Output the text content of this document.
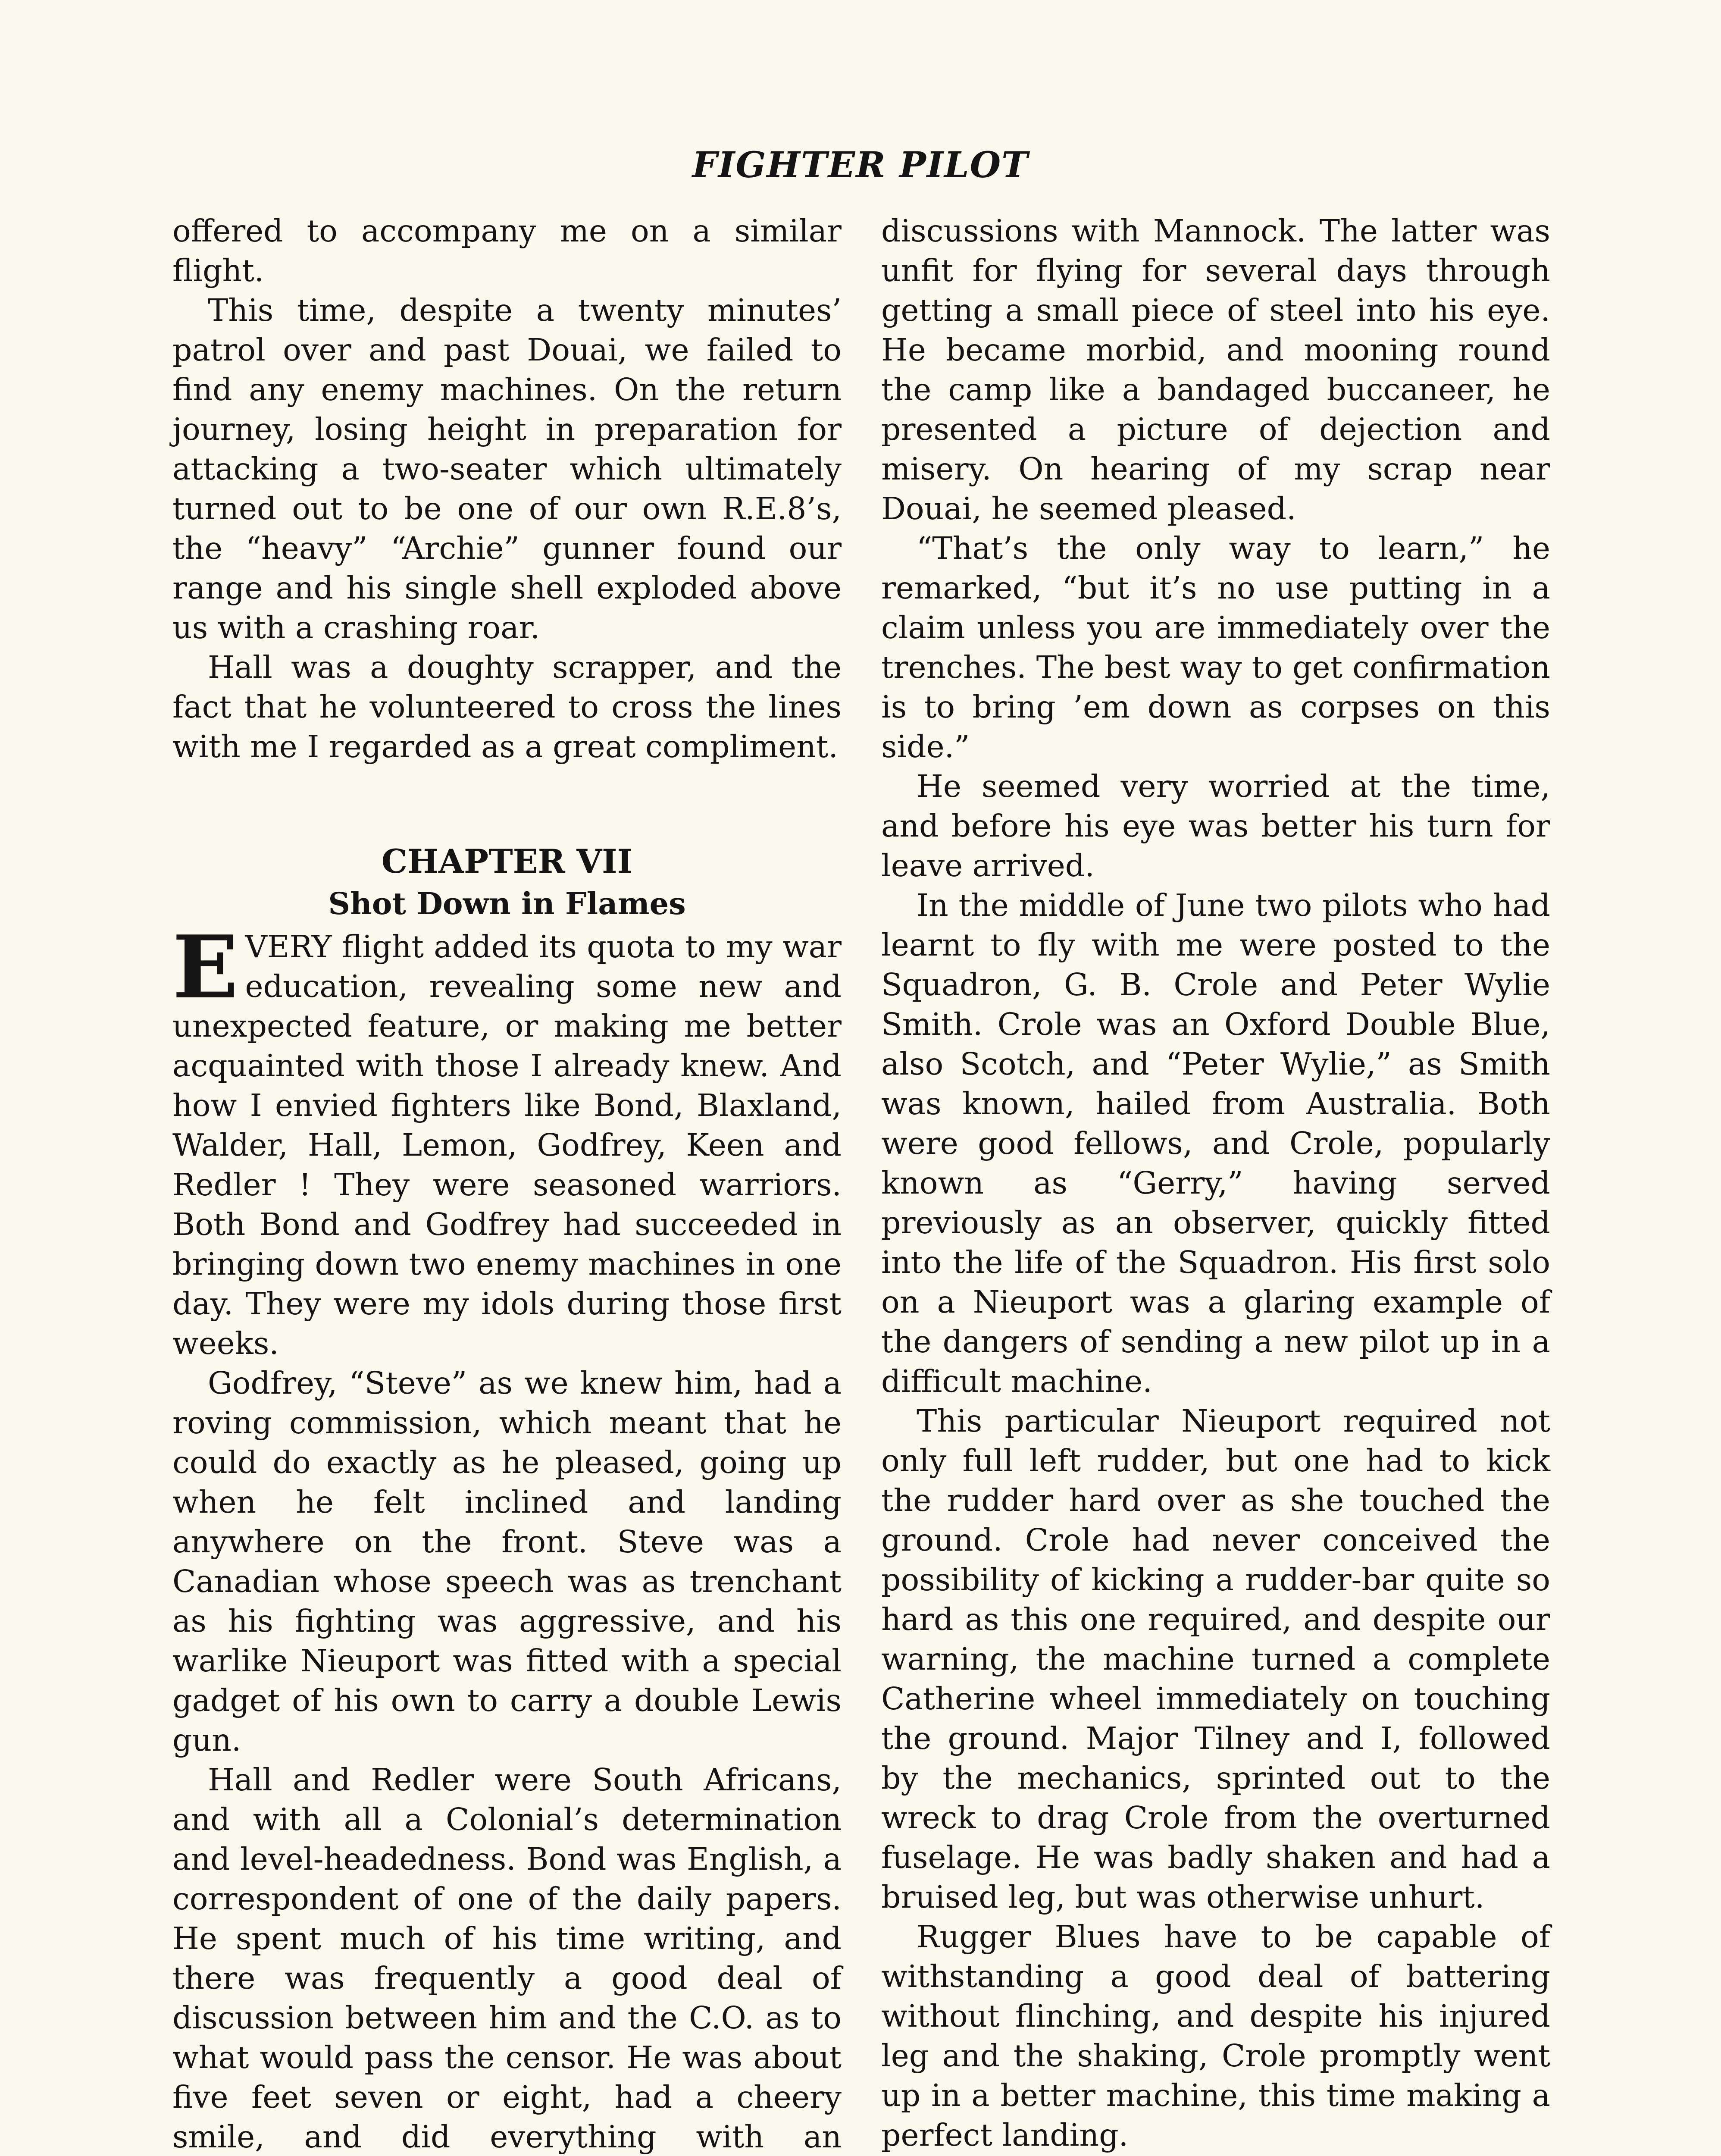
FIGHTER PILOT

offered to accompany me on a similar flight.

This time, despite a twenty minutes’ patrol over and past Douai, we failed to find any enemy machines. On the return journey, losing height in preparation for attacking a two-seater which ultimately turned out to be one of our own R.E.8’s, the “heavy” “Archie” gunner found our range and his single shell exploded above us with a crashing roar.

Hall was a doughty scrapper, and the fact that he volunteered to cross the lines with me I regarded as a great compliment.

CHAPTER VII
Shot Down in Flames

EVERY flight added its quota to my war education, revealing some new and unexpected feature, or making me better acquainted with those I already knew. And how I envied fighters like Bond, Blaxland, Walder, Hall, Lemon, Godfrey, Keen and Redler ! They were seasoned warriors. Both Bond and Godfrey had succeeded in bringing down two enemy machines in one day. They were my idols during those first weeks.

Godfrey, “Steve” as we knew him, had a roving commission, which meant that he could do exactly as he pleased, going up when he felt inclined and landing anywhere on the front. Steve was a Canadian whose speech was as trenchant as his fighting was aggressive, and his warlike Nieuport was fitted with a special gadget of his own to carry a double Lewis gun.

Hall and Redler were South Africans, and with all a Colonial’s determination and level-headedness. Bond was English, a correspondent of one of the daily papers. He spent much of his time writing, and there was frequently a good deal of discussion between him and the C.O. as to what would pass the censor. He was about five feet seven or eight, had a cheery smile, and did everything with an

discussions with Mannock. The latter was unfit for flying for several days through getting a small piece of steel into his eye. He became morbid, and mooning round the camp like a bandaged buccaneer, he presented a picture of dejection and misery. On hearing of my scrap near Douai, he seemed pleased.

“That’s the only way to learn,” he remarked, “but it’s no use putting in a claim unless you are immediately over the trenches. The best way to get confirmation is to bring ’em down as corpses on this side.”

He seemed very worried at the time, and before his eye was better his turn for leave arrived.

In the middle of June two pilots who had learnt to fly with me were posted to the Squadron, G. B. Crole and Peter Wylie Smith. Crole was an Oxford Double Blue, also Scotch, and “Peter Wylie,” as Smith was known, hailed from Australia. Both were good fellows, and Crole, popularly known as “Gerry,” having served previously as an observer, quickly fitted into the life of the Squadron. His first solo on a Nieuport was a glaring example of the dangers of sending a new pilot up in a difficult machine.

This particular Nieuport required not only full left rudder, but one had to kick the rudder hard over as she touched the ground. Crole had never conceived the possibility of kicking a rudder-bar quite so hard as this one required, and despite our warning, the machine turned a complete Catherine wheel immediately on touching the ground. Major Tilney and I, followed by the mechanics, sprinted out to the wreck to drag Crole from the overturned fuselage. He was badly shaken and had a bruised leg, but was otherwise unhurt.

Rugger Blues have to be capable of withstanding a good deal of battering without flinching, and despite his injured leg and the shaking, Crole promptly went up in a better machine, this time making a perfect landing.
